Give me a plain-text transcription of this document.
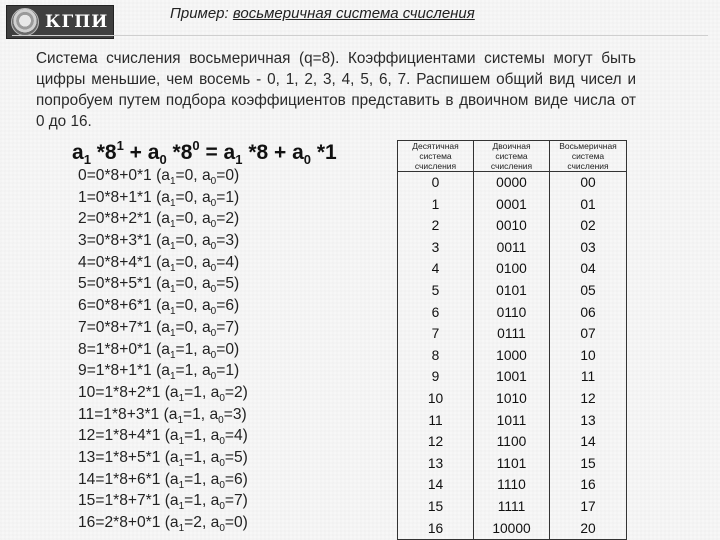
КГПИ	Пример: восьмеричная система счисления
Система счисления восьмеричная (q=8). Коэффициентами системы могут быть цифры меньшие, чем восемь - 0, 1, 2, 3, 4, 5, 6, 7. Распишем общий вид чисел и попробуем путем подбора коэффициентов представить в двоичном виде числа от 0 до 16.
$a_1$ $*8^1 + a_0$ $*8^0 = a_1$ $*8 + a_0$ *1
0=0*8+0*1 ($a_1=0$, $a_0=0$)
1=0*8+1*1 ($a_1=0$, $a_0=1$)
2=0*8+2*1 ($a_1=0$, $a_0=2$)
3=0*8+3*1 ($a_1=0$, $a_0=3$)
4=0*8+4*1 ($a_1=0$, $a_0=4$)
5=0*8+5*1 ($a_1=0$, $a_0=5$)
6=0*8+6*1 ($a_1=0$, $a_0=6$)
7=0*8+7*1 ($a_1=0$, $a_0=7$)
8=1*8+0*1 ($a_1=1$, $a_0=0$)
9=1*8+1*1 ($a_1=1$, $a_0=1$)
10=1*8+2*1 ($a_1=1$, $a_0=2$)
11=1*8+3*1 ($a_1=1$, $a_0=3$)
12=1*8+4*1 ($a_1=1$, $a_0=4$)
13=1*8+5*1 ($a_1=1$, $a_0=5$)
14=1*8+6*1 ($a_1=1$, $a_0=6$)
15=1*8+7*1 ($a_1=1$, $a_0=7$)
16=2*8+0*1 ($a_1=2$, $a_0=0$)
Десятичная система счисления	Двоичная система счисления	Восьмеричная система счисления
0	0000	00
1	0001	01
2	0010	02
3	0011	03
4	0100	04
5	0101	05
6	0110	06
7	0111	07
8	1000	10
9	1001	11
10	1010	12
11	1011	13
12	1100	14
13	1101	15
14	1110	16
15	1111	17
16	10000	20
